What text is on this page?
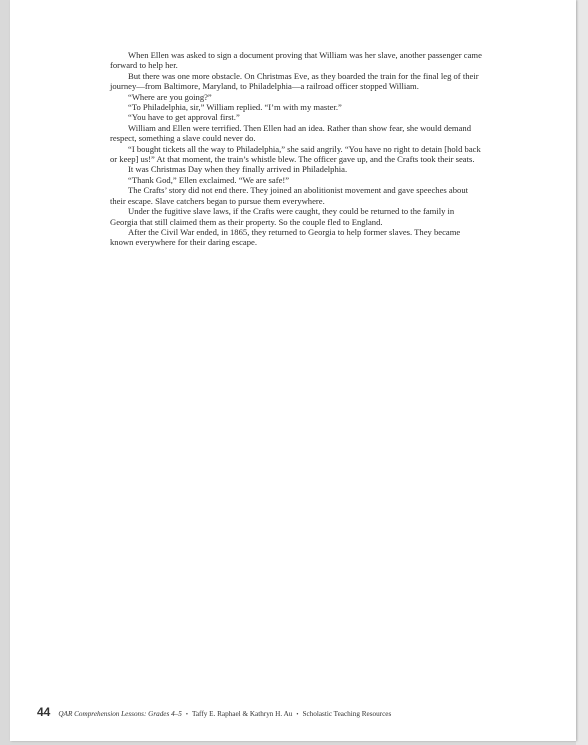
When Ellen was asked to sign a document proving that William was her slave, another passenger came forward to help her.

But there was one more obstacle. On Christmas Eve, as they boarded the train for the final leg of their journey—from Baltimore, Maryland, to Philadelphia—a railroad officer stopped William.

“Where are you going?”

“To Philadelphia, sir,” William replied. “I’m with my master.”

“You have to get approval first.”

William and Ellen were terrified. Then Ellen had an idea. Rather than show fear, she would demand respect, something a slave could never do.

“I bought tickets all the way to Philadelphia,” she said angrily. “You have no right to detain [hold back or keep] us!” At that moment, the train’s whistle blew. The officer gave up, and the Crafts took their seats.

It was Christmas Day when they finally arrived in Philadelphia.

“Thank God,” Ellen exclaimed. “We are safe!”

The Crafts’ story did not end there. They joined an abolitionist movement and gave speeches about their escape. Slave catchers began to pursue them everywhere.

Under the fugitive slave laws, if the Crafts were caught, they could be returned to the family in Georgia that still claimed them as their property. So the couple fled to England.

After the Civil War ended, in 1865, they returned to Georgia to help former slaves. They became known everywhere for their daring escape.

44 QAR Comprehension Lessons: Grades 4–5 • Taffy E. Raphael & Kathryn H. Au • Scholastic Teaching Resources
